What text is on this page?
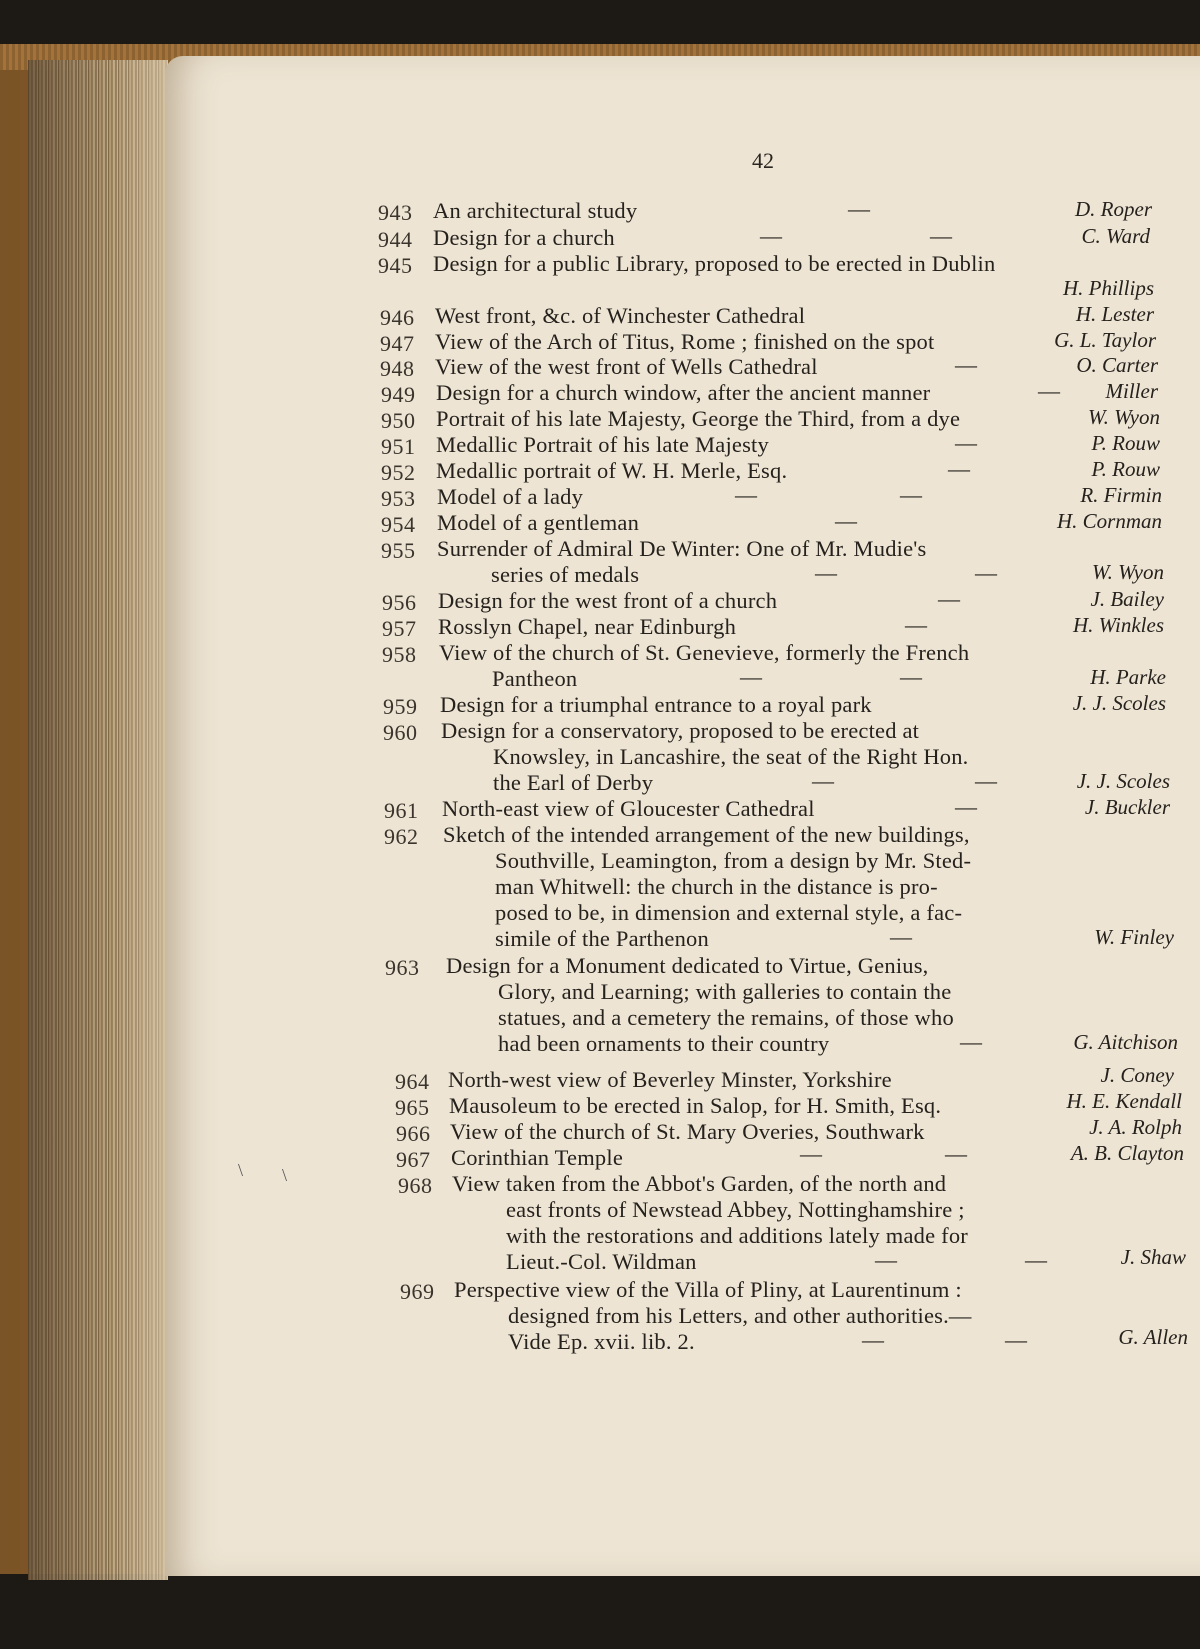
42
943 An architectural study	—	D. Roper
944 Design for a church	—	—	C. Ward
945 Design for a public Library, proposed to be erected in Dublin
H. Phillips
946 West front, &c. of Winchester Cathedral	H. Lester
947 View of the Arch of Titus, Rome ; finished on the spot	G. L. Taylor
948 View of the west front of Wells Cathedral	—	O. Carter
949 Design for a church window, after the ancient manner	— Miller
950 Portrait of his late Majesty, George the Third, from a dye	W. Wyon
951 Medallic Portrait of his late Majesty	—	P. Rouw
952 Medallic portrait of W. H. Merle, Esq.	—	P. Rouw
953 Model of a lady	—	—	R. Firmin
954 Model of a gentleman	—	H. Cornman
955 Surrender of Admiral De Winter: One of Mr. Mudie's
series of medals	—	—	W. Wyon
956 Design for the west front of a church	—	J. Bailey
957 Rosslyn Chapel, near Edinburgh	—	H. Winkles
958 View of the church of St. Genevieve, formerly the French
Pantheon	—	—	H. Parke
959 Design for a triumphal entrance to a royal park	J. J. Scoles
960 Design for a conservatory, proposed to be erected at
Knowsley, in Lancashire, the seat of the Right Hon.
the Earl of Derby	—	—	J. J. Scoles
961 North-east view of Gloucester Cathedral	—	J. Buckler
962 Sketch of the intended arrangement of the new buildings,
Southville, Leamington, from a design by Mr. Sted-
man Whitwell: the church in the distance is pro-
posed to be, in dimension and external style, a fac-
simile of the Parthenon	—	W. Finley
963 Design for a Monument dedicated to Virtue, Genius,
Glory, and Learning; with galleries to contain the
statues, and a cemetery the remains, of those who
had been ornaments to their country	—	G. Aitchison
964 North-west view of Beverley Minster, Yorkshire	J. Coney
965 Mausoleum to be erected in Salop, for H. Smith, Esq.	H. E. Kendall
966 View of the church of St. Mary Overies, Southwark	J. A. Rolph
967 Corinthian Temple	—	—	A. B. Clayton
968 View taken from the Abbot's Garden, of the north and
east fronts of Newstead Abbey, Nottinghamshire ;
with the restorations and additions lately made for
Lieut.-Col. Wildman	—	—	J. Shaw
969 Perspective view of the Villa of Pliny, at Laurentinum :
designed from his Letters, and other authorities.—
Vide Ep. xvii. lib. 2.	—	—	G. Allen
\ \
